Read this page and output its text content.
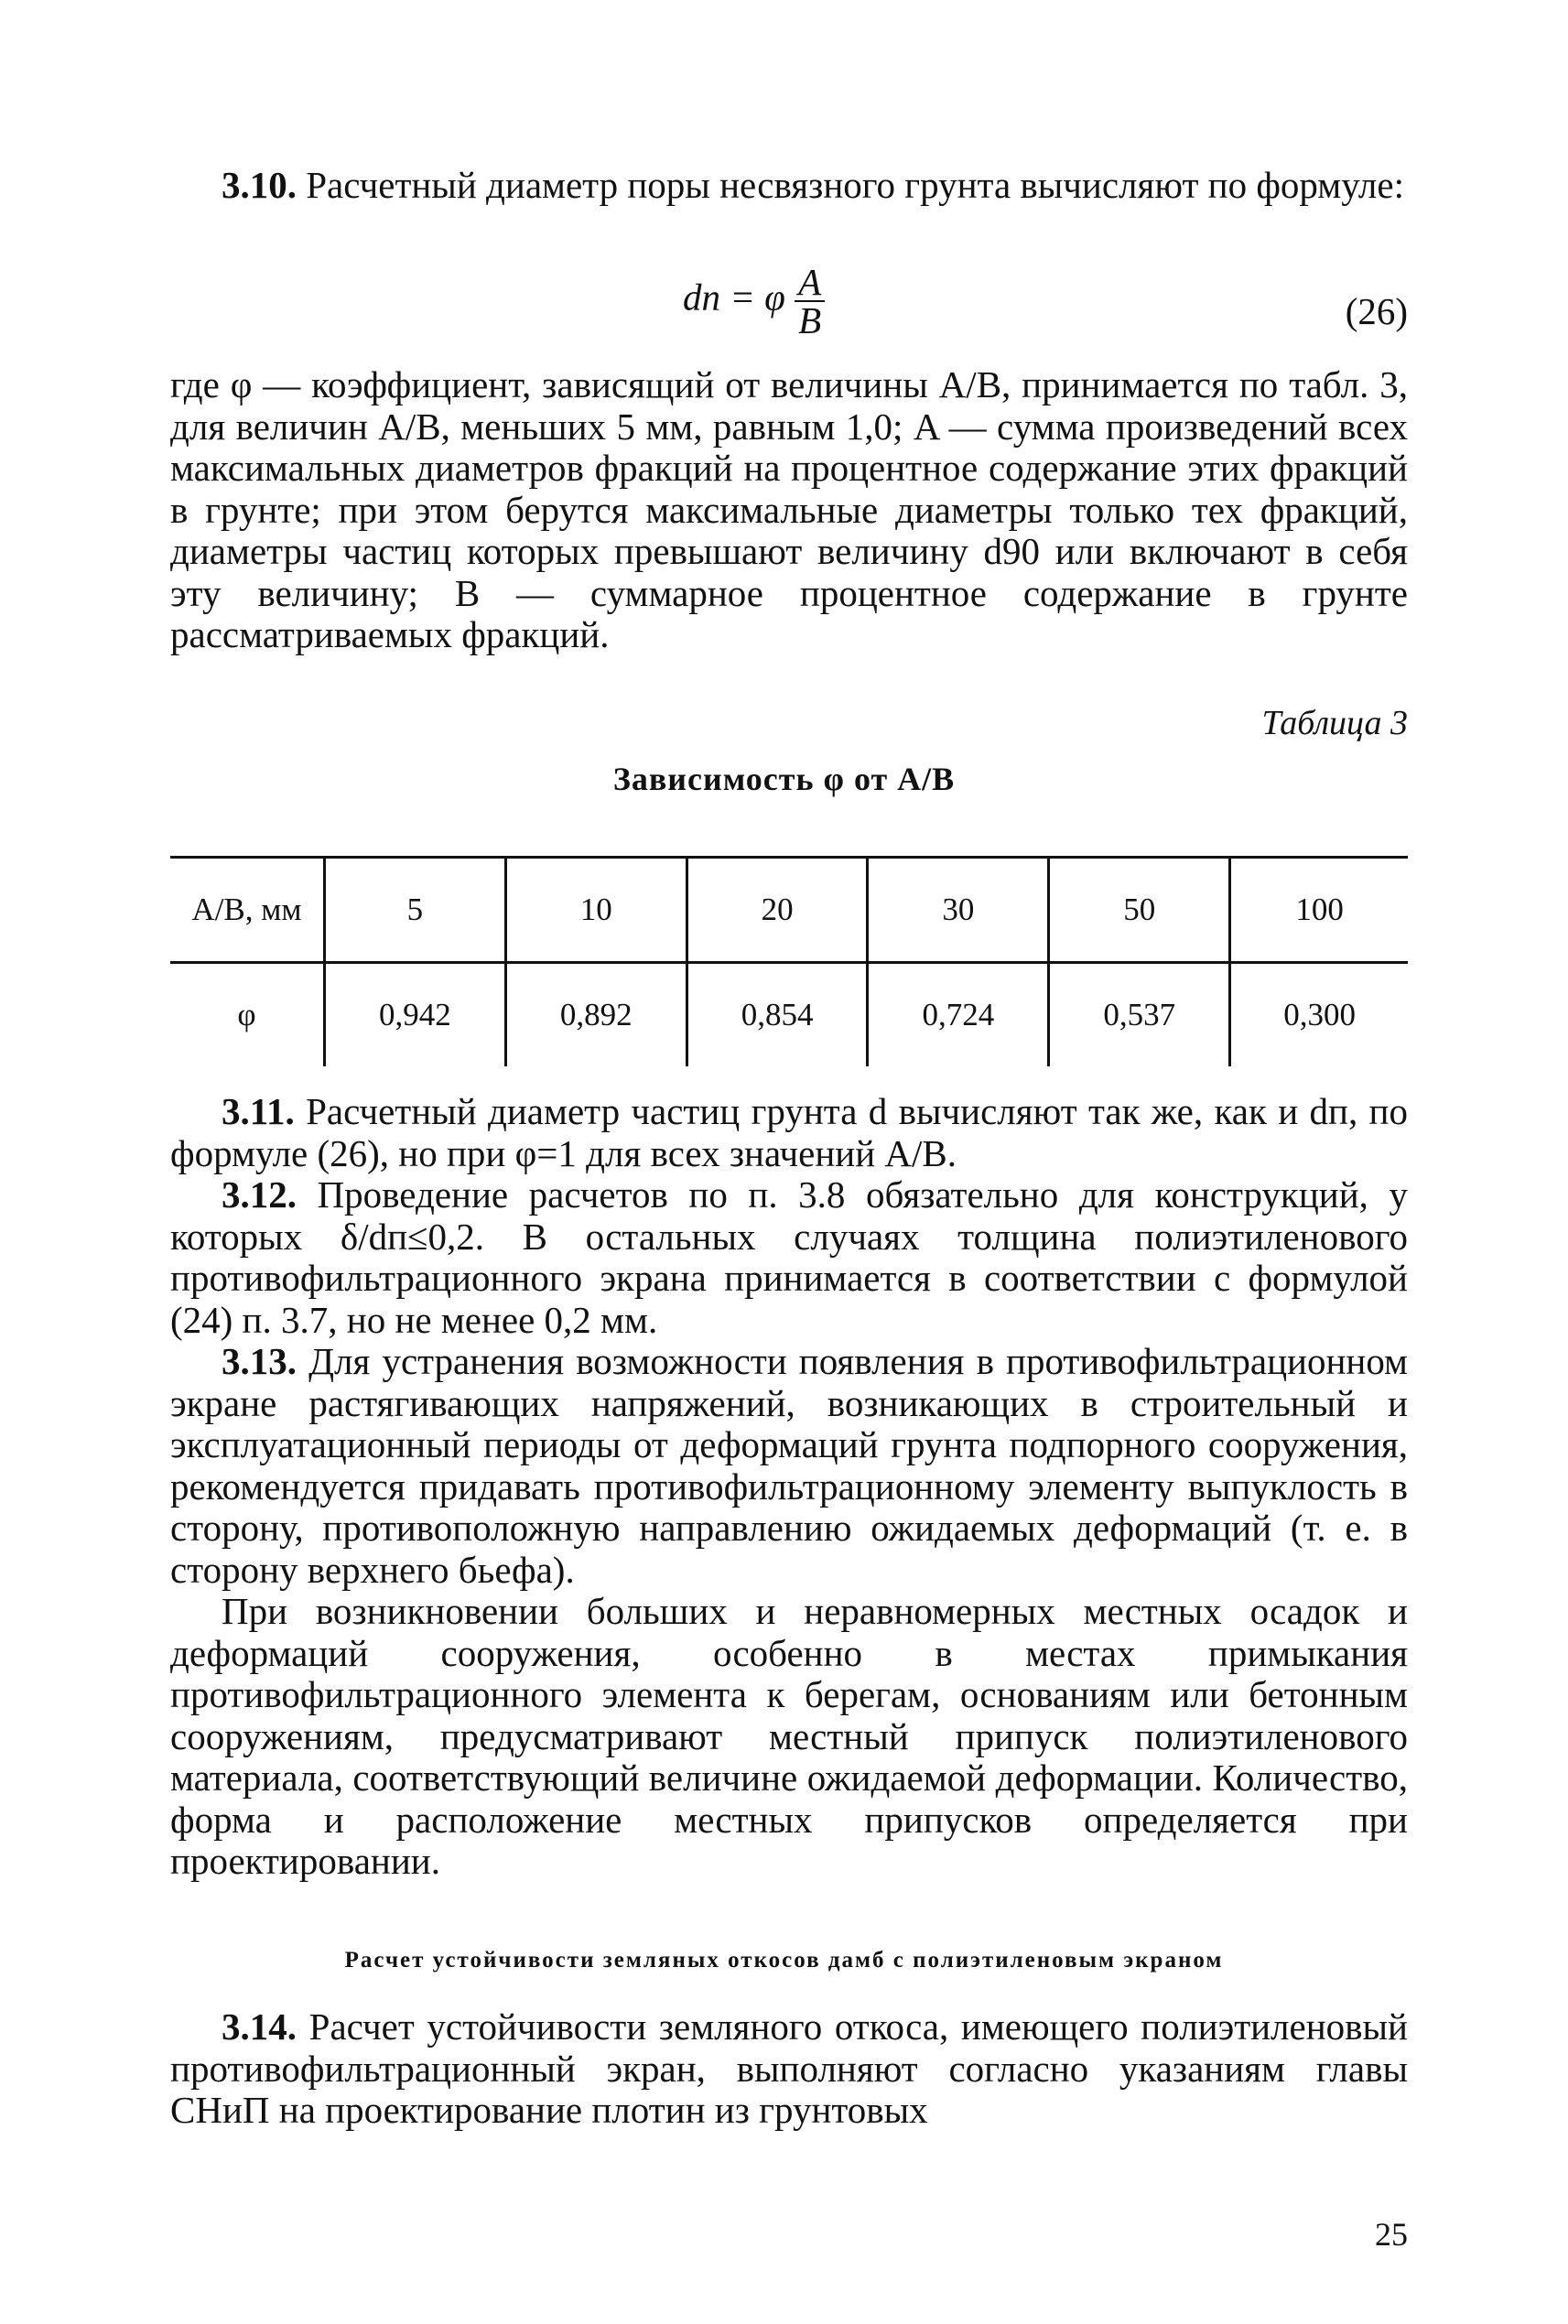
3.10. Расчетный диаметр поры несвязного грунта вычисляют по формуле:

dп = φ $\frac{A}{B}$	(26)

где φ — коэффициент, зависящий от величины A/B, принимается по табл. 3, для величин A/B, меньших 5 мм, равным 1,0; A — сумма произведений всех максимальных диаметров фракций на процентное содержание этих фракций в грунте; при этом берутся максимальные диаметры только тех фракций, диаметры частиц которых превышают величину d90 или включают в себя эту величину; B — суммарное процентное содержание в грунте рассматриваемых фракций.

Таблица 3
Зависимость φ от A/B
A/B, мм	5	10	20	30	50	100
φ	0,942	0,892	0,854	0,724	0,537	0,300

3.11. Расчетный диаметр частиц грунта d вычисляют так же, как и dп, по формуле (26), но при φ=1 для всех значений A/B.

3.12. Проведение расчетов по п. 3.8 обязательно для конструкций, у которых δ/dп≤0,2. В остальных случаях толщина полиэтиленового противофильтрационного экрана принимается в соответствии с формулой (24) п. 3.7, но не менее 0,2 мм.

3.13. Для устранения возможности появления в противофильтрационном экране растягивающих напряжений, возникающих в строительный и эксплуатационный периоды от деформаций грунта подпорного сооружения, рекомендуется придавать противофильтрационному элементу выпуклость в сторону, противоположную направлению ожидаемых деформаций (т. е. в сторону верхнего бьефа).

При возникновении больших и неравномерных местных осадок и деформаций сооружения, особенно в местах примыкания противофильтрационного элемента к берегам, основаниям или бетонным сооружениям, предусматривают местный припуск полиэтиленового материала, соответствующий величине ожидаемой деформации. Количество, форма и расположение местных припусков определяется при проектировании.

Расчет устойчивости земляных откосов дамб с полиэтиленовым экраном

3.14. Расчет устойчивости земляного откоса, имеющего полиэтиленовый противофильтрационный экран, выполняют согласно указаниям главы СНиП на проектирование плотин из грунтовых

25
